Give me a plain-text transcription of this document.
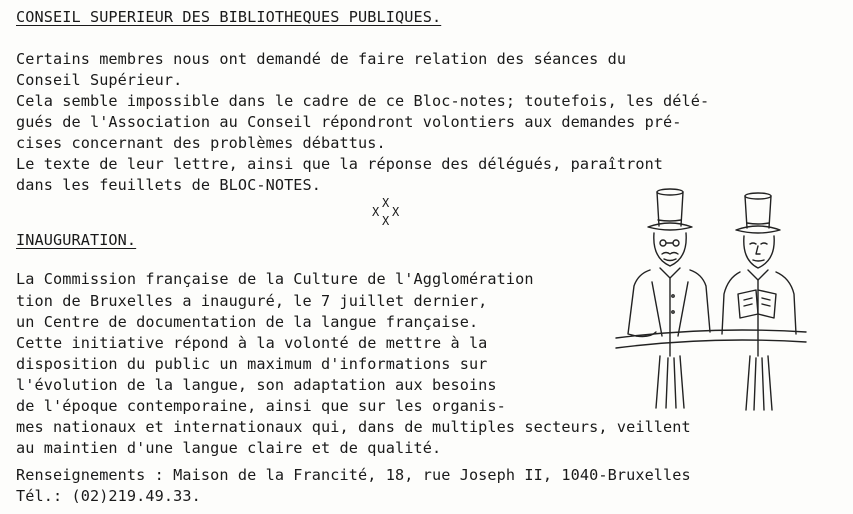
CONSEIL SUPERIEUR DES BIBLIOTHEQUES PUBLIQUES.
Certains membres nous ont demandé de faire relation des séances du
Conseil Supérieur.
Cela semble impossible dans le cadre de ce Bloc-notes; toutefois, les délé-
gués de l'Association au Conseil répondront volontiers aux demandes pré-
cises concernant des problèmes débattus.
Le texte de leur lettre, ainsi que la réponse des délégués, paraîtront
dans les feuillets de BLOC-NOTES.
X
X X
X
INAUGURATION.
La Commission française de la Culture de l'Agglomération
tion de Bruxelles a inauguré, le 7 juillet dernier,
un Centre de documentation de la langue française.
Cette initiative répond à la volonté de mettre à la
disposition du public un maximum d'informations sur
l'évolution de la langue, son adaptation aux besoins
de l'époque contemporaine, ainsi que sur les organis-
mes nationaux et internationaux qui, dans de multiples secteurs, veillent
au maintien d'une langue claire et de qualité.
Renseignements : Maison de la Francité, 18, rue Joseph II, 1040-Bruxelles
Tél.: (02)219.49.33.
